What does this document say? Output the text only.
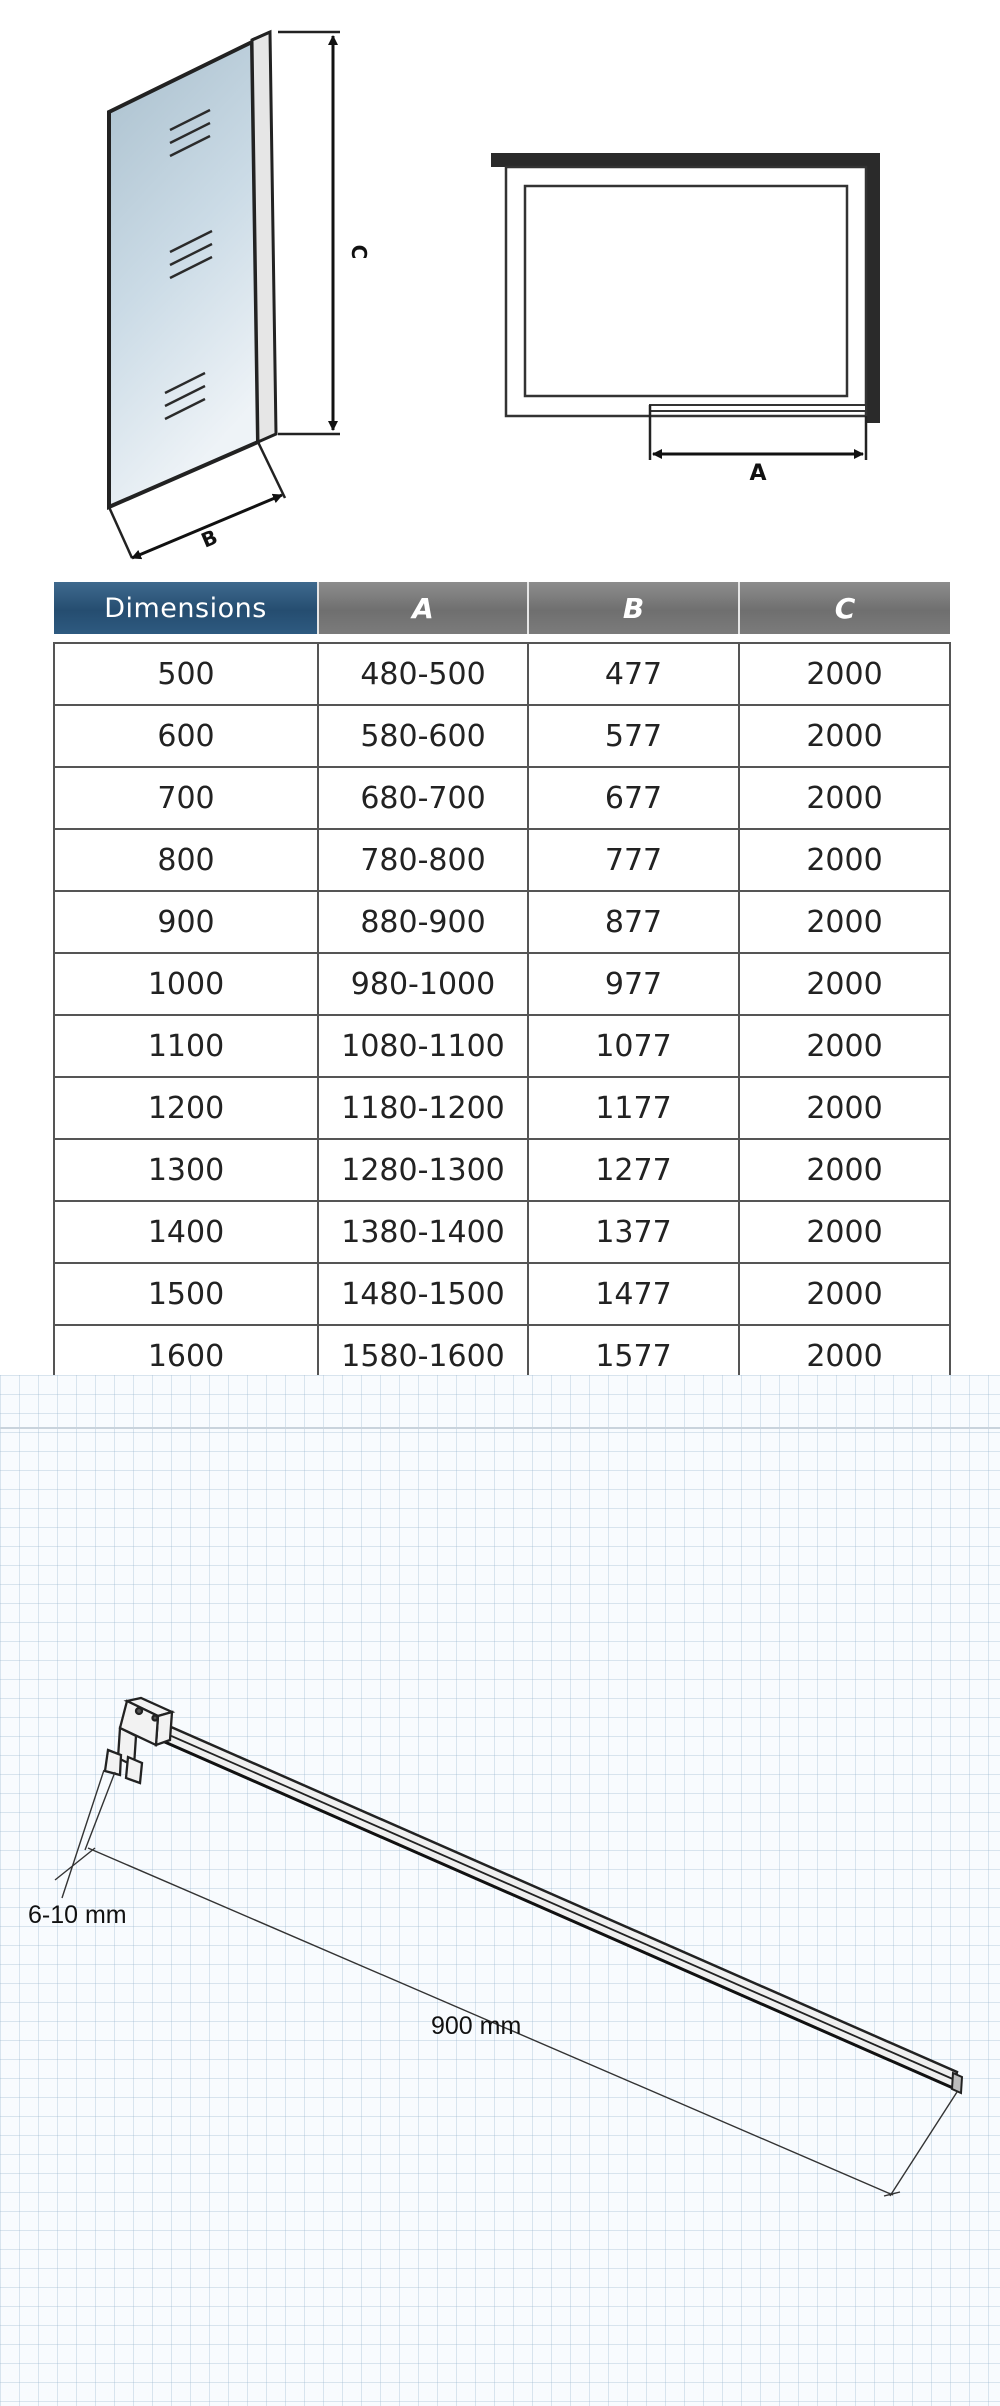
C
B
A
Dimensions	A	B	C

500	480-500	477	2000
600	580-600	577	2000
700	680-700	677	2000
800	780-800	777	2000
900	880-900	877	2000
1000	980-1000	977	2000
1100	1080-1100	1077	2000
1200	1180-1200	1177	2000
1300	1280-1300	1277	2000
1400	1380-1400	1377	2000
1500	1480-1500	1477	2000
1600	1580-1600	1577	2000
6-10 mm
900 mm
